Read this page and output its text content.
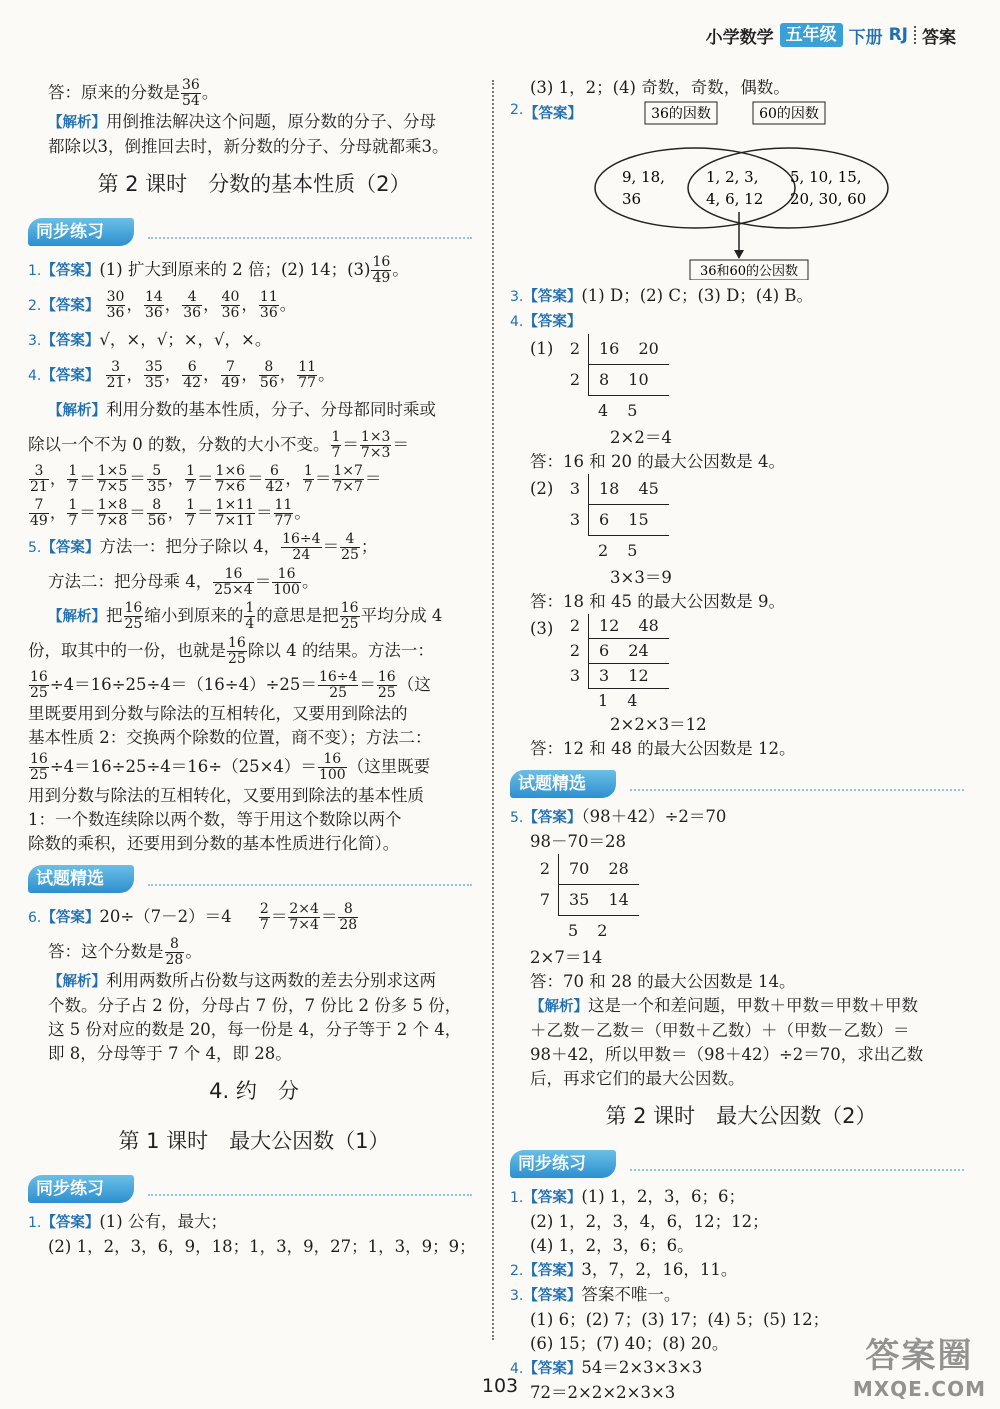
小学数学 五年级 下册 RJ 答案
答：原来的分数是 $\frac{36}{54}$ 。
【解析】用倒推法解决这个问题，原分数的分子、分母
都除以3，倒推回去时，新分数的分子、分母就都乘3。
第 2 课时　分数的基本性质（2）
同步练习
1.【答案】(1) 扩大到原来的 2 倍；(2) 14；$(3) \frac{16}{49}$ 。
2.【答案】 $\frac{30}{36}$ ， $\frac{14}{36}$ ， $\frac{4}{36}$ ， $\frac{40}{36}$ ， $\frac{11}{36}$ 。
3.【答案】√，×，√；×，√，×。
4.【答案】 $\frac{3}{21}$ ， $\frac{35}{35}$ ， $\frac{6}{42}$ ， $\frac{7}{49}$ ， $\frac{8}{56}$ ， $\frac{11}{77}$ 。
【解析】利用分数的基本性质，分子、分母都同时乘或
除以一个不为 0 的数，分数的大小不变。 $\frac{1}{7} = \frac{1\times 3}{7\times 3}$ ＝
$\frac{3}{21}$ ， $\frac{1}{7} = \frac{1\times 5}{7\times 5} = \frac{5}{35}$ ， $\frac{1}{7} = \frac{1\times 6}{7\times 6} = \frac{6}{42}$ ， $\frac{1}{7} = \frac{1\times 7}{7\times 7}$ ＝
$\frac{7}{49}$ ， $\frac{1}{7} = \frac{1\times 8}{7\times 8} = \frac{8}{56}$ ， $\frac{1}{7} = \frac{1\times 11}{7\times 11} = \frac{11}{77}$ 。
5.【答案】方法一：把分子除以 4， $\frac{16\div 4}{24} = \frac{4}{25}$ ；
方法二：把分母乘 4， $\frac{16}{25\times 4} = \frac{16}{100}$ 。
【解析】把 $\frac{16}{25}$ 缩小到原来的 $\frac{1}{4}$ 的意思是把 $\frac{16}{25}$ 平均分成 4
份，取其中的一份，也就是 $\frac{16}{25}$ 除以 4 的结果。方法一：
$\frac{16}{25} \div 4=16\div 25\div 4=(16\div 4)\div 25= \frac{16\div 4}{25} = \frac{16}{25}$ （这
里既要用到分数与除法的互相转化，又要用到除法的
基本性质 2：交换两个除数的位置，商不变）；方法二：
$\frac{16}{25} \div 4=16\div 25\div 4=16\div(25\times 4)= \frac{16}{100}$ （这里既要
用到分数与除法的互相转化，又要用到除法的基本性质
1：一个数连续除以两个数，等于用这个数除以两个
除数的乘积，还要用到分数的基本性质进行化简）。
试题精选
6.【答案】$20\div(7-2)=4 \frac{2}{7} = \frac{2\times 4}{7\times 4} = \frac{8}{28}$
答：这个分数是 $\frac{8}{28}$ 。
【解析】利用两数所占份数与这两数的差去分别求这两
个数。分子占 2 份，分母占 7 份，7 份比 2 份多 5 份，
这 5 份对应的数是 20，每一份是 4，分子等于 2 个 4，
即 8，分母等于 7 个 4，即 28。
4. 约　分
第 1 课时　最大公因数（1）
同步练习
1.【答案】(1) 公有，最大；
(2) 1，2，3，6，9，18；1，3，9，27；1，3，9；9；
(3) 1，2；(4) 奇数，奇数，偶数。
2. 【答案】	36的因数	60的因数
9, 18,
36
1, 2, 3,
4, 6, 12
5, 10, 15,
20, 30, 60
36和60的公因数
3.【答案】(1) D；(2) C；(3) D；(4) B。
4.【答案】
(1)	2	16 20
2	8 10
4 5
2×2＝4
答：16 和 20 的最大公因数是 4。
(2)	3	18 45
3	6 15
2 5
3×3＝9
答：18 和 45 的最大公因数是 9。
(3)	2	12 48
2	6 24
3	3 12
1 4
2×2×3＝12
答：12 和 48 的最大公因数是 12。
试题精选
5.【答案】（98＋42）÷2＝70
98－70＝28
2	70 28
7	35 14
5 2
2×7＝14
答：70 和 28 的最大公因数是 14。
【解析】这是一个和差问题，甲数＋甲数＝甲数＋甲数
＋乙数－乙数＝（甲数＋乙数）＋（甲数－乙数）＝
98＋42，所以甲数＝（98＋42）÷2＝70，求出乙数
后，再求它们的最大公因数。
第 2 课时　最大公因数（2）
同步练习
1.【答案】(1) 1，2，3，6；6；
(2) 1，2，3，4，6，12；12；
(4) 1，2，3，6；6。
2.【答案】3，7，2，16，11。
3.【答案】答案不唯一。
(1) 6；(2) 7；(3) 17；(4) 5；(5) 12；
(6) 15；(7) 40；(8) 20。
4.【答案】54＝2×3×3×3
72＝2×2×2×3×3
103
答案圈
MXQE.COM
